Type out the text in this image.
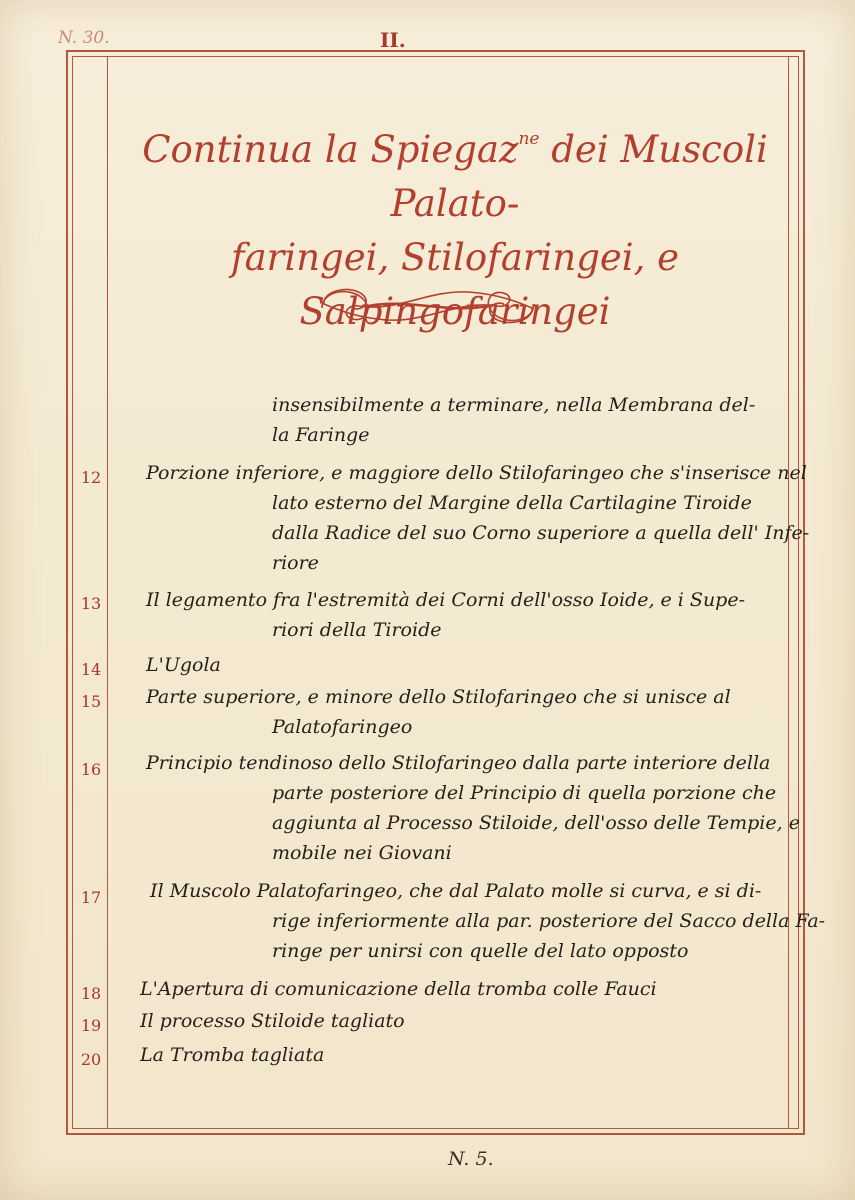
N. 30.	II.
Continua la Spiegaz$^{ne}$ dei Muscoli Palato-
faringei, Stilofaringei, e Salpingofaringei
insensibilmente a terminare, nella Membrana del-
la Faringe
12 Porzione inferiore, e maggiore dello Stilofaringeo che s'inserisce nel
lato esterno del Margine della Cartilagine Tiroide
dalla Radice del suo Corno superiore a quella dell' Infe-
riore
13 Il legamento fra l'estremità dei Corni dell'osso Ioide, e i Supe-
riori della Tiroide
14 L'Ugola
15 Parte superiore, e minore dello Stilofaringeo che si unisce al
Palatofaringeo
16 Principio tendinoso dello Stilofaringeo dalla parte interiore della
parte posteriore del Principio di quella porzione che
aggiunta al Processo Stiloide, dell'osso delle Tempie, e
mobile nei Giovani
17	Il Muscolo Palatofaringeo, che dal Palato molle si curva, e si di-
rige inferiormente alla par. posteriore del Sacco della Fa-
ringe per unirsi con quelle del lato opposto
18 L'Apertura di comunicazione della tromba colle Fauci
19 Il processo Stiloide tagliato
20 La Tromba tagliata
N. 5.
